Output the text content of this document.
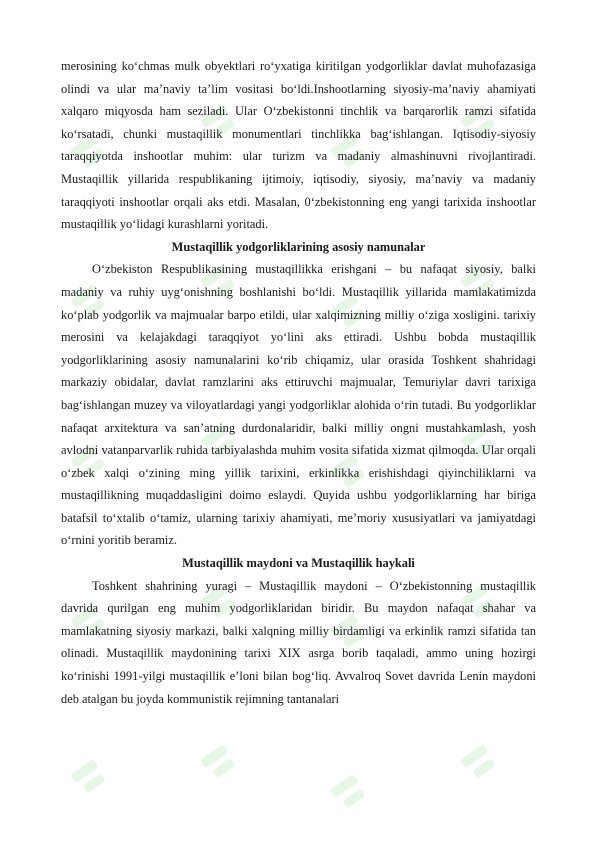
merosining ko‘chmas mulk obyektlari ro‘yxatiga kiritilgan yodgorliklar davlat muhofazasiga olindi va ular ma’naviy ta’lim vositasi bo‘ldi.Inshootlarning siyosiy-ma’naviy ahamiyati xalqaro miqyosda ham seziladi. Ular O‘zbekistonni tinchlik va barqarorlik ramzi sifatida ko‘rsatadi, chunki mustaqillik monumentlari tinchlikka bag‘ishlangan. Iqtisodiy-siyosiy taraqqiyotda inshootlar muhim: ular turizm va madaniy almashinuvni rivojlantiradi. Mustaqillik yillarida respublikaning ijtimoiy, iqtisodiy, siyosiy, ma’naviy va madaniy taraqqiyoti inshootlar orqali aks etdi. Masalan, 0‘zbekistonning eng yangi tarixida inshootlar mustaqillik yo‘lidagi kurashlarni yoritadi.

Mustaqillik yodgorliklarining asosiy namunalar

O‘zbekiston Respublikasining mustaqillikka erishgani – bu nafaqat siyosiy, balki madaniy va ruhiy uyg‘onishning boshlanishi bo‘ldi. Mustaqillik yillarida mamlakatimizda ko‘plab yodgorlik va majmualar barpo etildi, ular xalqimizning milliy o‘ziga xosligini. tarixiy merosini va kelajakdagi taraqqiyot yo‘lini aks ettiradi. Ushbu bobda mustaqillik yodgorliklarining asosiy namunalarini ko‘rib chiqamiz, ular orasida Toshkent shahridagi markaziy obidalar, davlat ramzlarini aks ettiruvchi majmualar, Temuriylar davri tarixiga bag‘ishlangan muzey va viloyatlardagi yangi yodgorliklar alohida o‘rin tutadi. Bu yodgorliklar nafaqat arxitektura va san’atning durdonalaridir, balki milliy ongni mustahkamlash, yosh avlodni vatanparvarlik ruhida tarbiyalashda muhim vosita sifatida xizmat qilmoqda. Ular orqali o‘zbek xalqi o‘zining ming yillik tarixini, erkinlikka erishishdagi qiyinchiliklarni va mustaqillikning muqaddasligini doimo eslaydi. Quyida ushbu yodgorliklarning har biriga batafsil to‘xtalib o‘tamiz, ularning tarixiy ahamiyati, me’moriy xususiyatlari va jamiyatdagi o‘rnini yoritib beramiz.

Mustaqillik maydoni va Mustaqillik haykali

Toshkent shahrining yuragi – Mustaqillik maydoni – O‘zbekistonning mustaqillik davrida qurilgan eng muhim yodgorliklaridan biridir. Bu maydon nafaqat shahar va mamlakatning siyosiy markazi, balki xalqning milliy birdamligi va erkinlik ramzi sifatida tan olinadi. Mustaqillik maydonining tarixi XIX asrga borib taqaladi, ammo uning hozirgi ko‘rinishi 1991-yilgi mustaqillik e’loni bilan bog‘liq. Avvalroq Sovet davrida Lenin maydoni deb atalgan bu joyda kommunistik rejimning tantanalari
